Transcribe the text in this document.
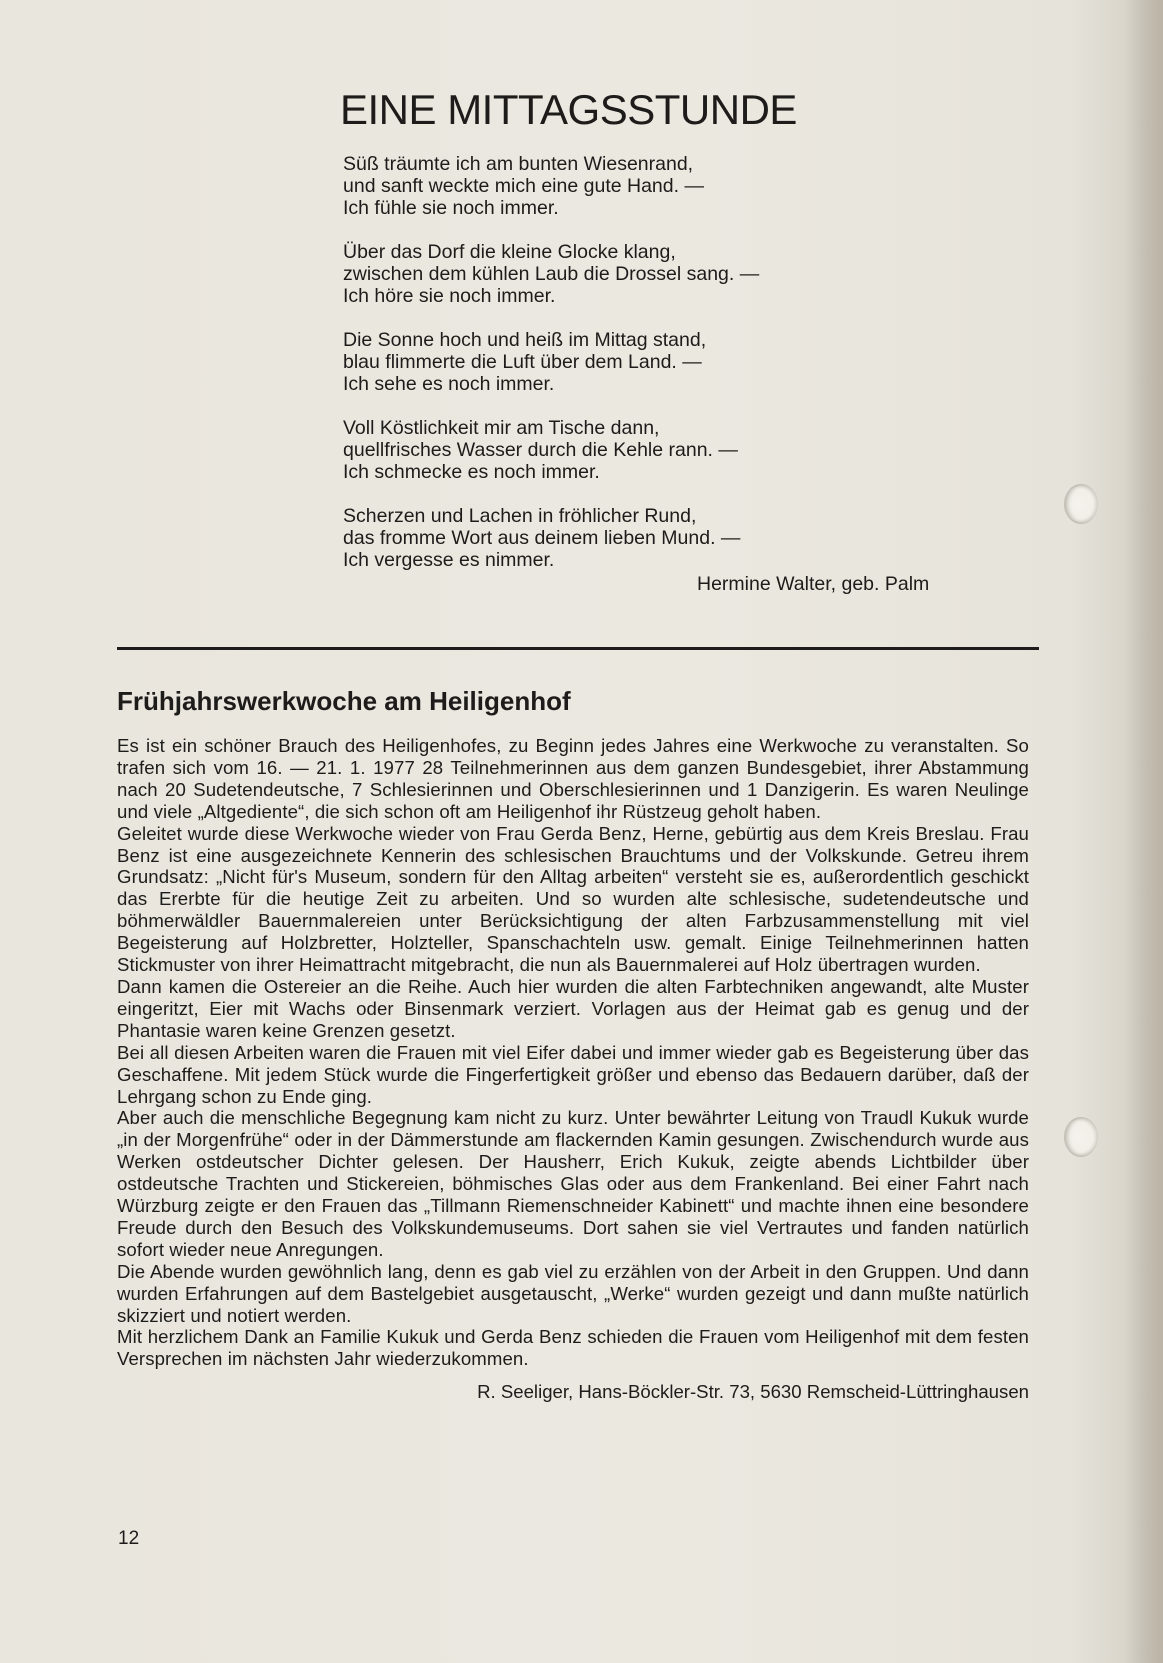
EINE MITTAGSSTUNDE
Süß träumte ich am bunten Wiesenrand,
und sanft weckte mich eine gute Hand. —
Ich fühle sie noch immer.
Über das Dorf die kleine Glocke klang,
zwischen dem kühlen Laub die Drossel sang. —
Ich höre sie noch immer.
Die Sonne hoch und heiß im Mittag stand,
blau flimmerte die Luft über dem Land. —
Ich sehe es noch immer.
Voll Köstlichkeit mir am Tische dann,
quellfrisches Wasser durch die Kehle rann. —
Ich schmecke es noch immer.
Scherzen und Lachen in fröhlicher Rund,
das fromme Wort aus deinem lieben Mund. —
Ich vergesse es nimmer.
Hermine Walter, geb. Palm
Frühjahrswerkwoche am Heiligenhof

Es ist ein schöner Brauch des Heiligenhofes, zu Beginn jedes Jahres eine Werkwoche zu veranstalten. So trafen sich vom 16. — 21. 1. 1977 28 Teilnehmerinnen aus dem ganzen Bundesgebiet, ihrer Abstammung nach 20 Sudetendeutsche, 7 Schlesierinnen und Oberschlesierinnen und 1 Danzigerin. Es waren Neulinge und viele „Altgediente“, die sich schon oft am Heiligenhof ihr Rüstzeug geholt haben.

Geleitet wurde diese Werkwoche wieder von Frau Gerda Benz, Herne, gebürtig aus dem Kreis Breslau. Frau Benz ist eine ausgezeichnete Kennerin des schlesischen Brauchtums und der Volkskunde. Getreu ihrem Grundsatz: „Nicht für's Museum, sondern für den Alltag arbeiten“ versteht sie es, außerordentlich geschickt das Ererbte für die heutige Zeit zu arbeiten. Und so wurden alte schlesische, sudetendeutsche und böhmerwäldler Bauernmalereien unter Berücksichtigung der alten Farbzusammenstellung mit viel Begeisterung auf Holzbretter, Holzteller, Spanschachteln usw. gemalt. Einige Teilnehmerinnen hatten Stickmuster von ihrer Heimattracht mitgebracht, die nun als Bauernmalerei auf Holz übertragen wurden.

Dann kamen die Ostereier an die Reihe. Auch hier wurden die alten Farbtechniken angewandt, alte Muster eingeritzt, Eier mit Wachs oder Binsenmark verziert. Vorlagen aus der Heimat gab es genug und der Phantasie waren keine Grenzen gesetzt.

Bei all diesen Arbeiten waren die Frauen mit viel Eifer dabei und immer wieder gab es Begeisterung über das Geschaffene. Mit jedem Stück wurde die Fingerfertigkeit größer und ebenso das Bedauern darüber, daß der Lehrgang schon zu Ende ging.

Aber auch die menschliche Begegnung kam nicht zu kurz. Unter bewährter Leitung von Traudl Kukuk wurde „in der Morgenfrühe“ oder in der Dämmerstunde am flackernden Kamin gesungen. Zwischendurch wurde aus Werken ostdeutscher Dichter gelesen. Der Hausherr, Erich Kukuk, zeigte abends Lichtbilder über ostdeutsche Trachten und Stickereien, böhmisches Glas oder aus dem Frankenland. Bei einer Fahrt nach Würzburg zeigte er den Frauen das „Tillmann Riemenschneider Kabinett“ und machte ihnen eine besondere Freude durch den Besuch des Volkskundemuseums. Dort sahen sie viel Vertrautes und fanden natürlich sofort wieder neue Anregungen.

Die Abende wurden gewöhnlich lang, denn es gab viel zu erzählen von der Arbeit in den Gruppen. Und dann wurden Erfahrungen auf dem Bastelgebiet ausgetauscht, „Werke“ wurden gezeigt und dann mußte natürlich skizziert und notiert werden.

Mit herzlichem Dank an Familie Kukuk und Gerda Benz schieden die Frauen vom Heiligenhof mit dem festen Versprechen im nächsten Jahr wiederzukommen.

R. Seeliger, Hans-Böckler-Str. 73, 5630 Remscheid-Lüttringhausen

12
